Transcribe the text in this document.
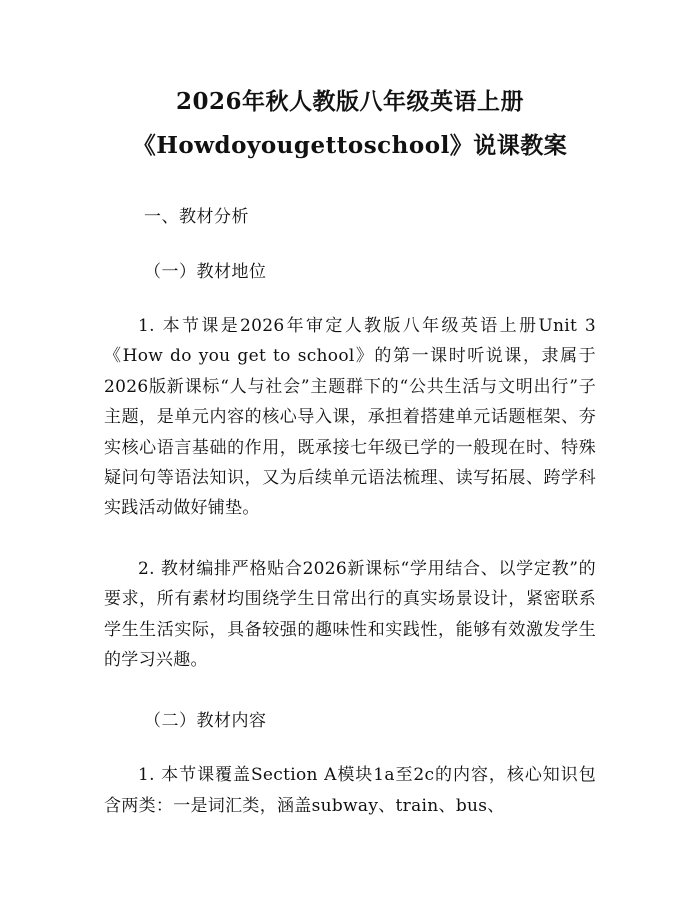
2026年秋人教版八年级英语上册
《Howdoyougettoschool》说课教案

一、教材分析

（一）教材地位

1. 本节课是2026年审定人教版八年级英语上册Unit 3《How do you get to school》的第一课时听说课，隶属于2026版新课标“人与社会”主题群下的“公共生活与文明出行”子主题，是单元内容的核心导入课，承担着搭建单元话题框架、夯实核心语言基础的作用，既承接七年级已学的一般现在时、特殊疑问句等语法知识，又为后续单元语法梳理、读写拓展、跨学科实践活动做好铺垫。

2. 教材编排严格贴合2026新课标“学用结合、以学定教”的要求，所有素材均围绕学生日常出行的真实场景设计，紧密联系学生生活实际，具备较强的趣味性和实践性，能够有效激发学生的学习兴趣。

（二）教材内容

1. 本节课覆盖Section A模块1a至2c的内容，核心知识包含两类：一是词汇类，涵盖subway、train、bus、
